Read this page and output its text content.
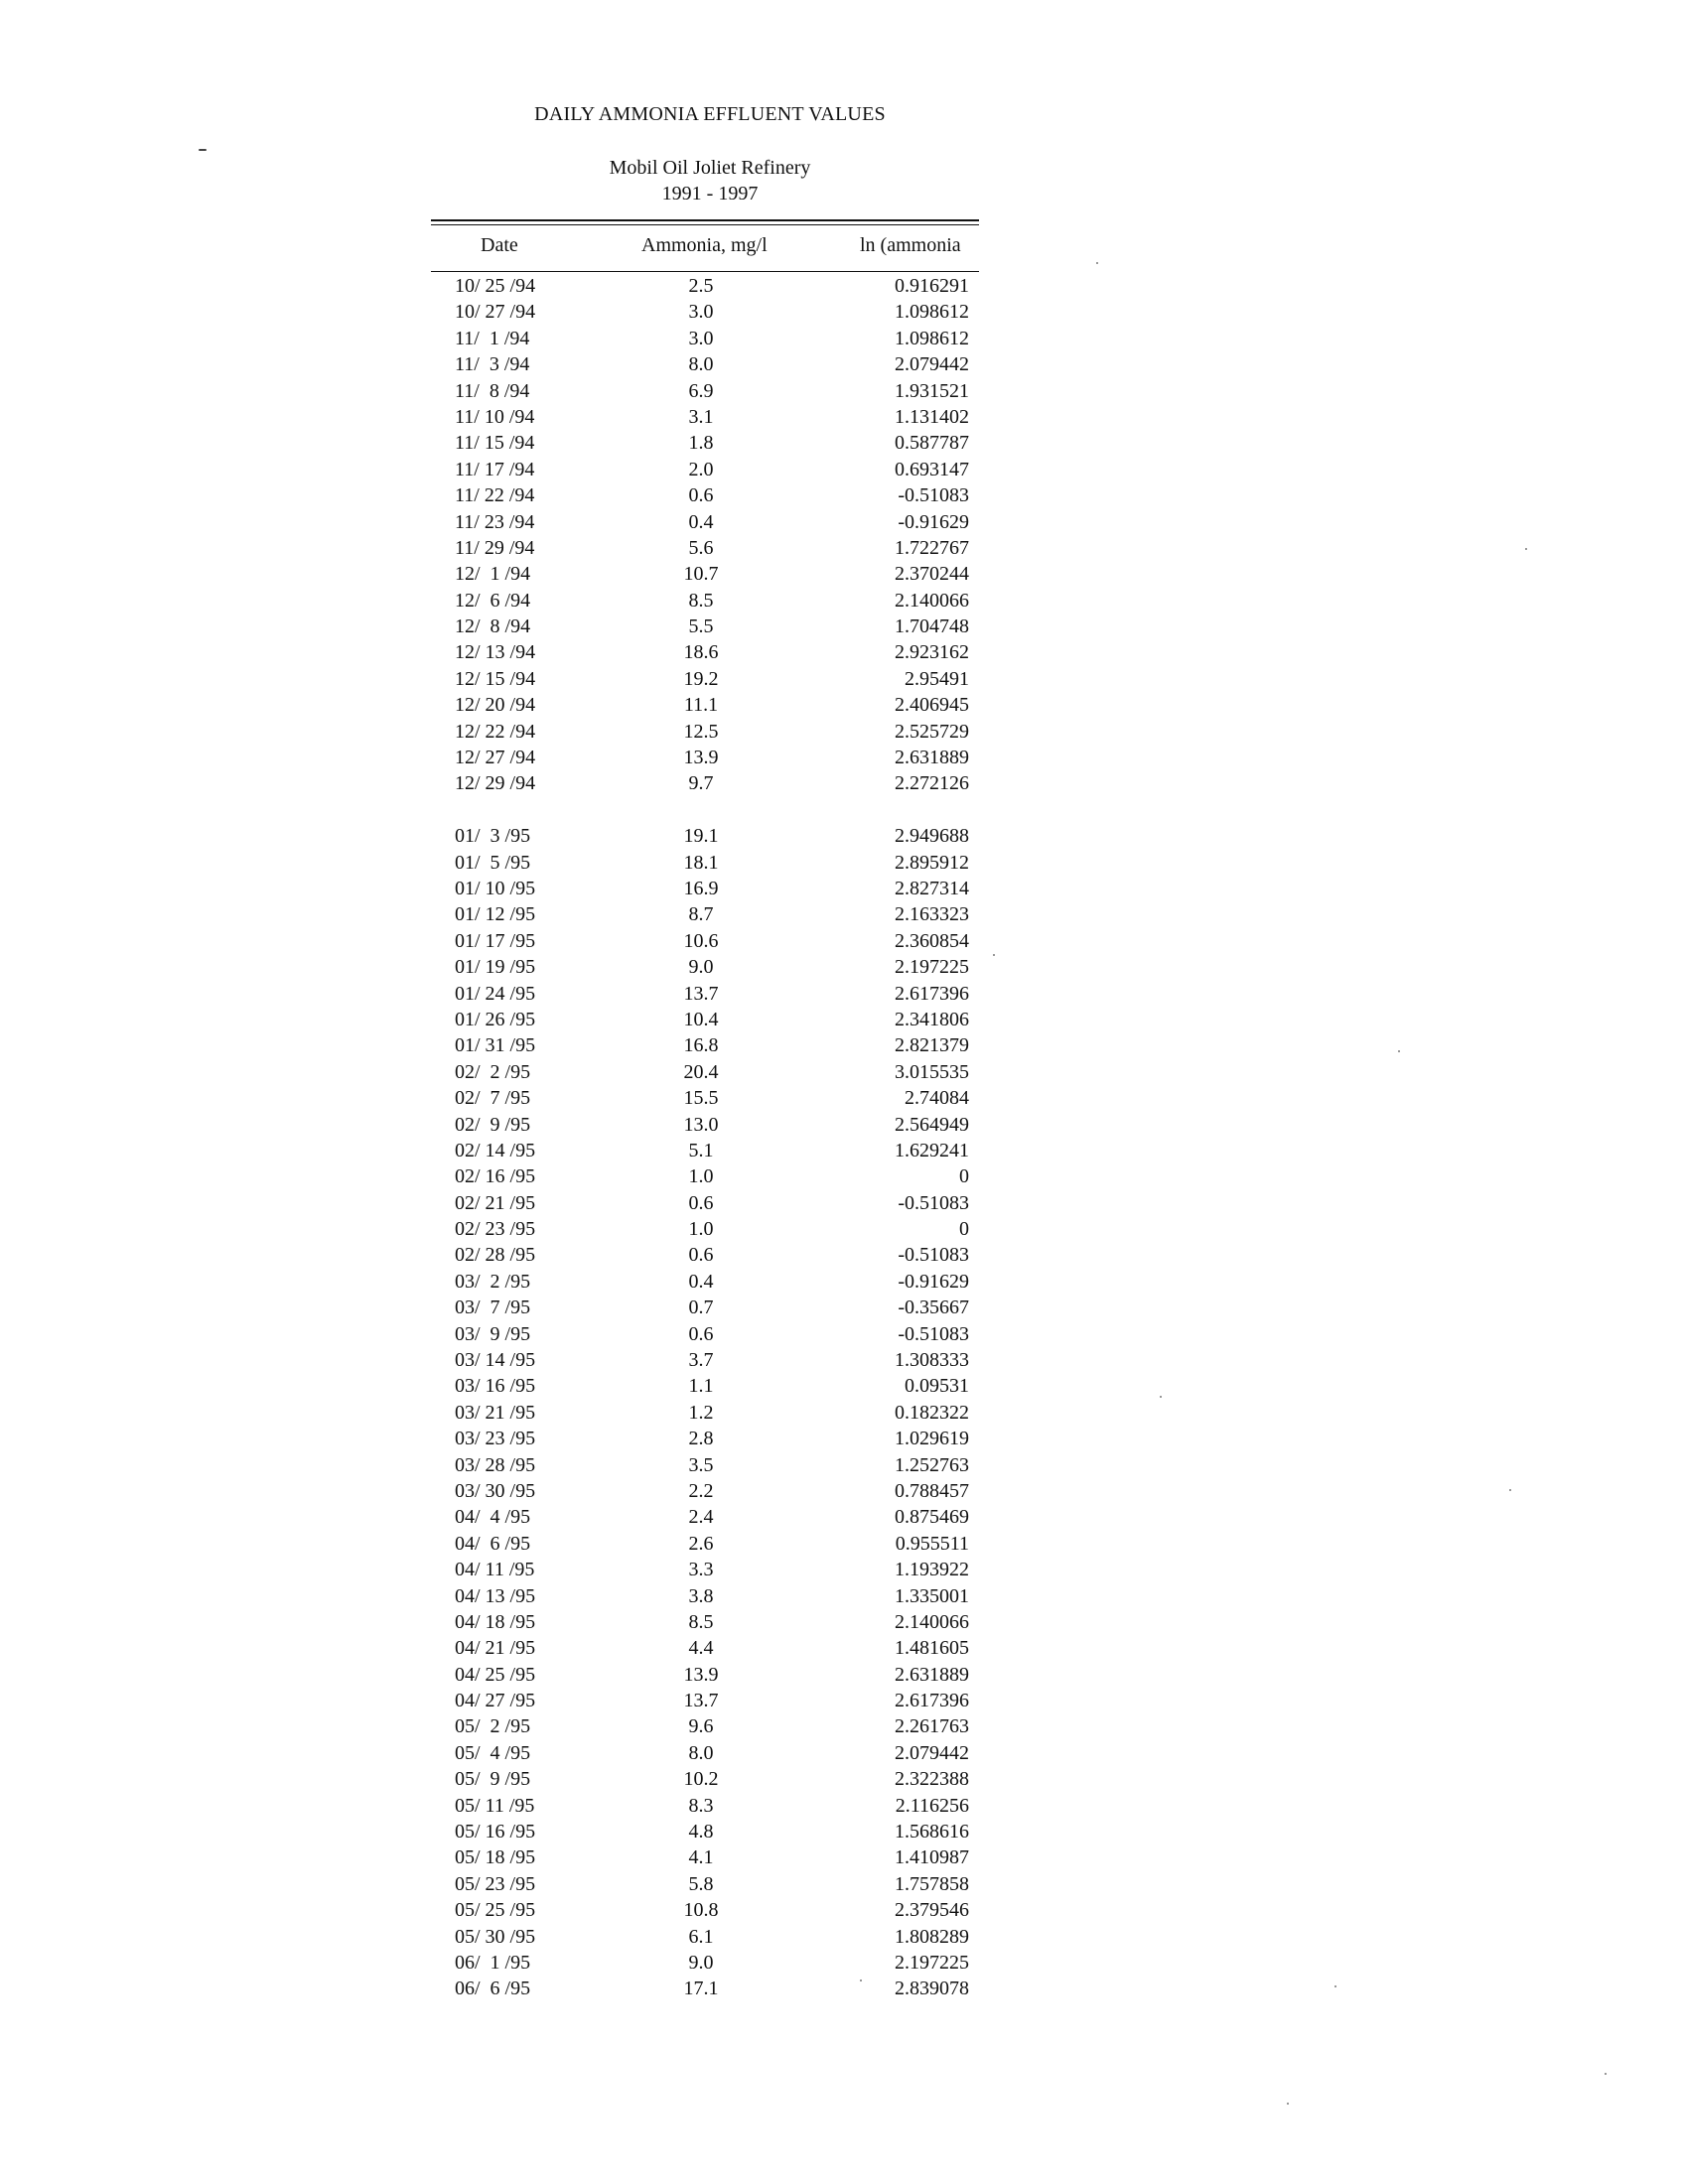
DAILY AMMONIA EFFLUENT VALUES
Mobil Oil Joliet Refinery
1991 - 1997
Date	Ammonia, mg/l	ln (ammonia
10/ 25 /94	2.5	0.916291
10/ 27 /94	3.0	1.098612
11/  1 /94	3.0	1.098612
11/  3 /94	8.0	2.079442
11/  8 /94	6.9	1.931521
11/ 10 /94	3.1	1.131402
11/ 15 /94	1.8	0.587787
11/ 17 /94	2.0	0.693147
11/ 22 /94	0.6	-0.51083
11/ 23 /94	0.4	-0.91629
11/ 29 /94	5.6	1.722767
12/  1 /94	10.7	2.370244
12/  6 /94	8.5	2.140066
12/  8 /94	5.5	1.704748
12/ 13 /94	18.6	2.923162
12/ 15 /94	19.2	2.95491
12/ 20 /94	11.1	2.406945
12/ 22 /94	12.5	2.525729
12/ 27 /94	13.9	2.631889
12/ 29 /94	9.7	2.272126
01/  3 /95	19.1	2.949688
01/  5 /95	18.1	2.895912
01/ 10 /95	16.9	2.827314
01/ 12 /95	8.7	2.163323
01/ 17 /95	10.6	2.360854
01/ 19 /95	9.0	2.197225
01/ 24 /95	13.7	2.617396
01/ 26 /95	10.4	2.341806
01/ 31 /95	16.8	2.821379
02/  2 /95	20.4	3.015535
02/  7 /95	15.5	2.74084
02/  9 /95	13.0	2.564949
02/ 14 /95	5.1	1.629241
02/ 16 /95	1.0	0
02/ 21 /95	0.6	-0.51083
02/ 23 /95	1.0	0
02/ 28 /95	0.6	-0.51083
03/  2 /95	0.4	-0.91629
03/  7 /95	0.7	-0.35667
03/  9 /95	0.6	-0.51083
03/ 14 /95	3.7	1.308333
03/ 16 /95	1.1	0.09531
03/ 21 /95	1.2	0.182322
03/ 23 /95	2.8	1.029619
03/ 28 /95	3.5	1.252763
03/ 30 /95	2.2	0.788457
04/  4 /95	2.4	0.875469
04/  6 /95	2.6	0.955511
04/ 11 /95	3.3	1.193922
04/ 13 /95	3.8	1.335001
04/ 18 /95	8.5	2.140066
04/ 21 /95	4.4	1.481605
04/ 25 /95	13.9	2.631889
04/ 27 /95	13.7	2.617396
05/  2 /95	9.6	2.261763
05/  4 /95	8.0	2.079442
05/  9 /95	10.2	2.322388
05/ 11 /95	8.3	2.116256
05/ 16 /95	4.8	1.568616
05/ 18 /95	4.1	1.410987
05/ 23 /95	5.8	1.757858
05/ 25 /95	10.8	2.379546
05/ 30 /95	6.1	1.808289
06/  1 /95	9.0	2.197225
06/  6 /95	17.1	2.839078
